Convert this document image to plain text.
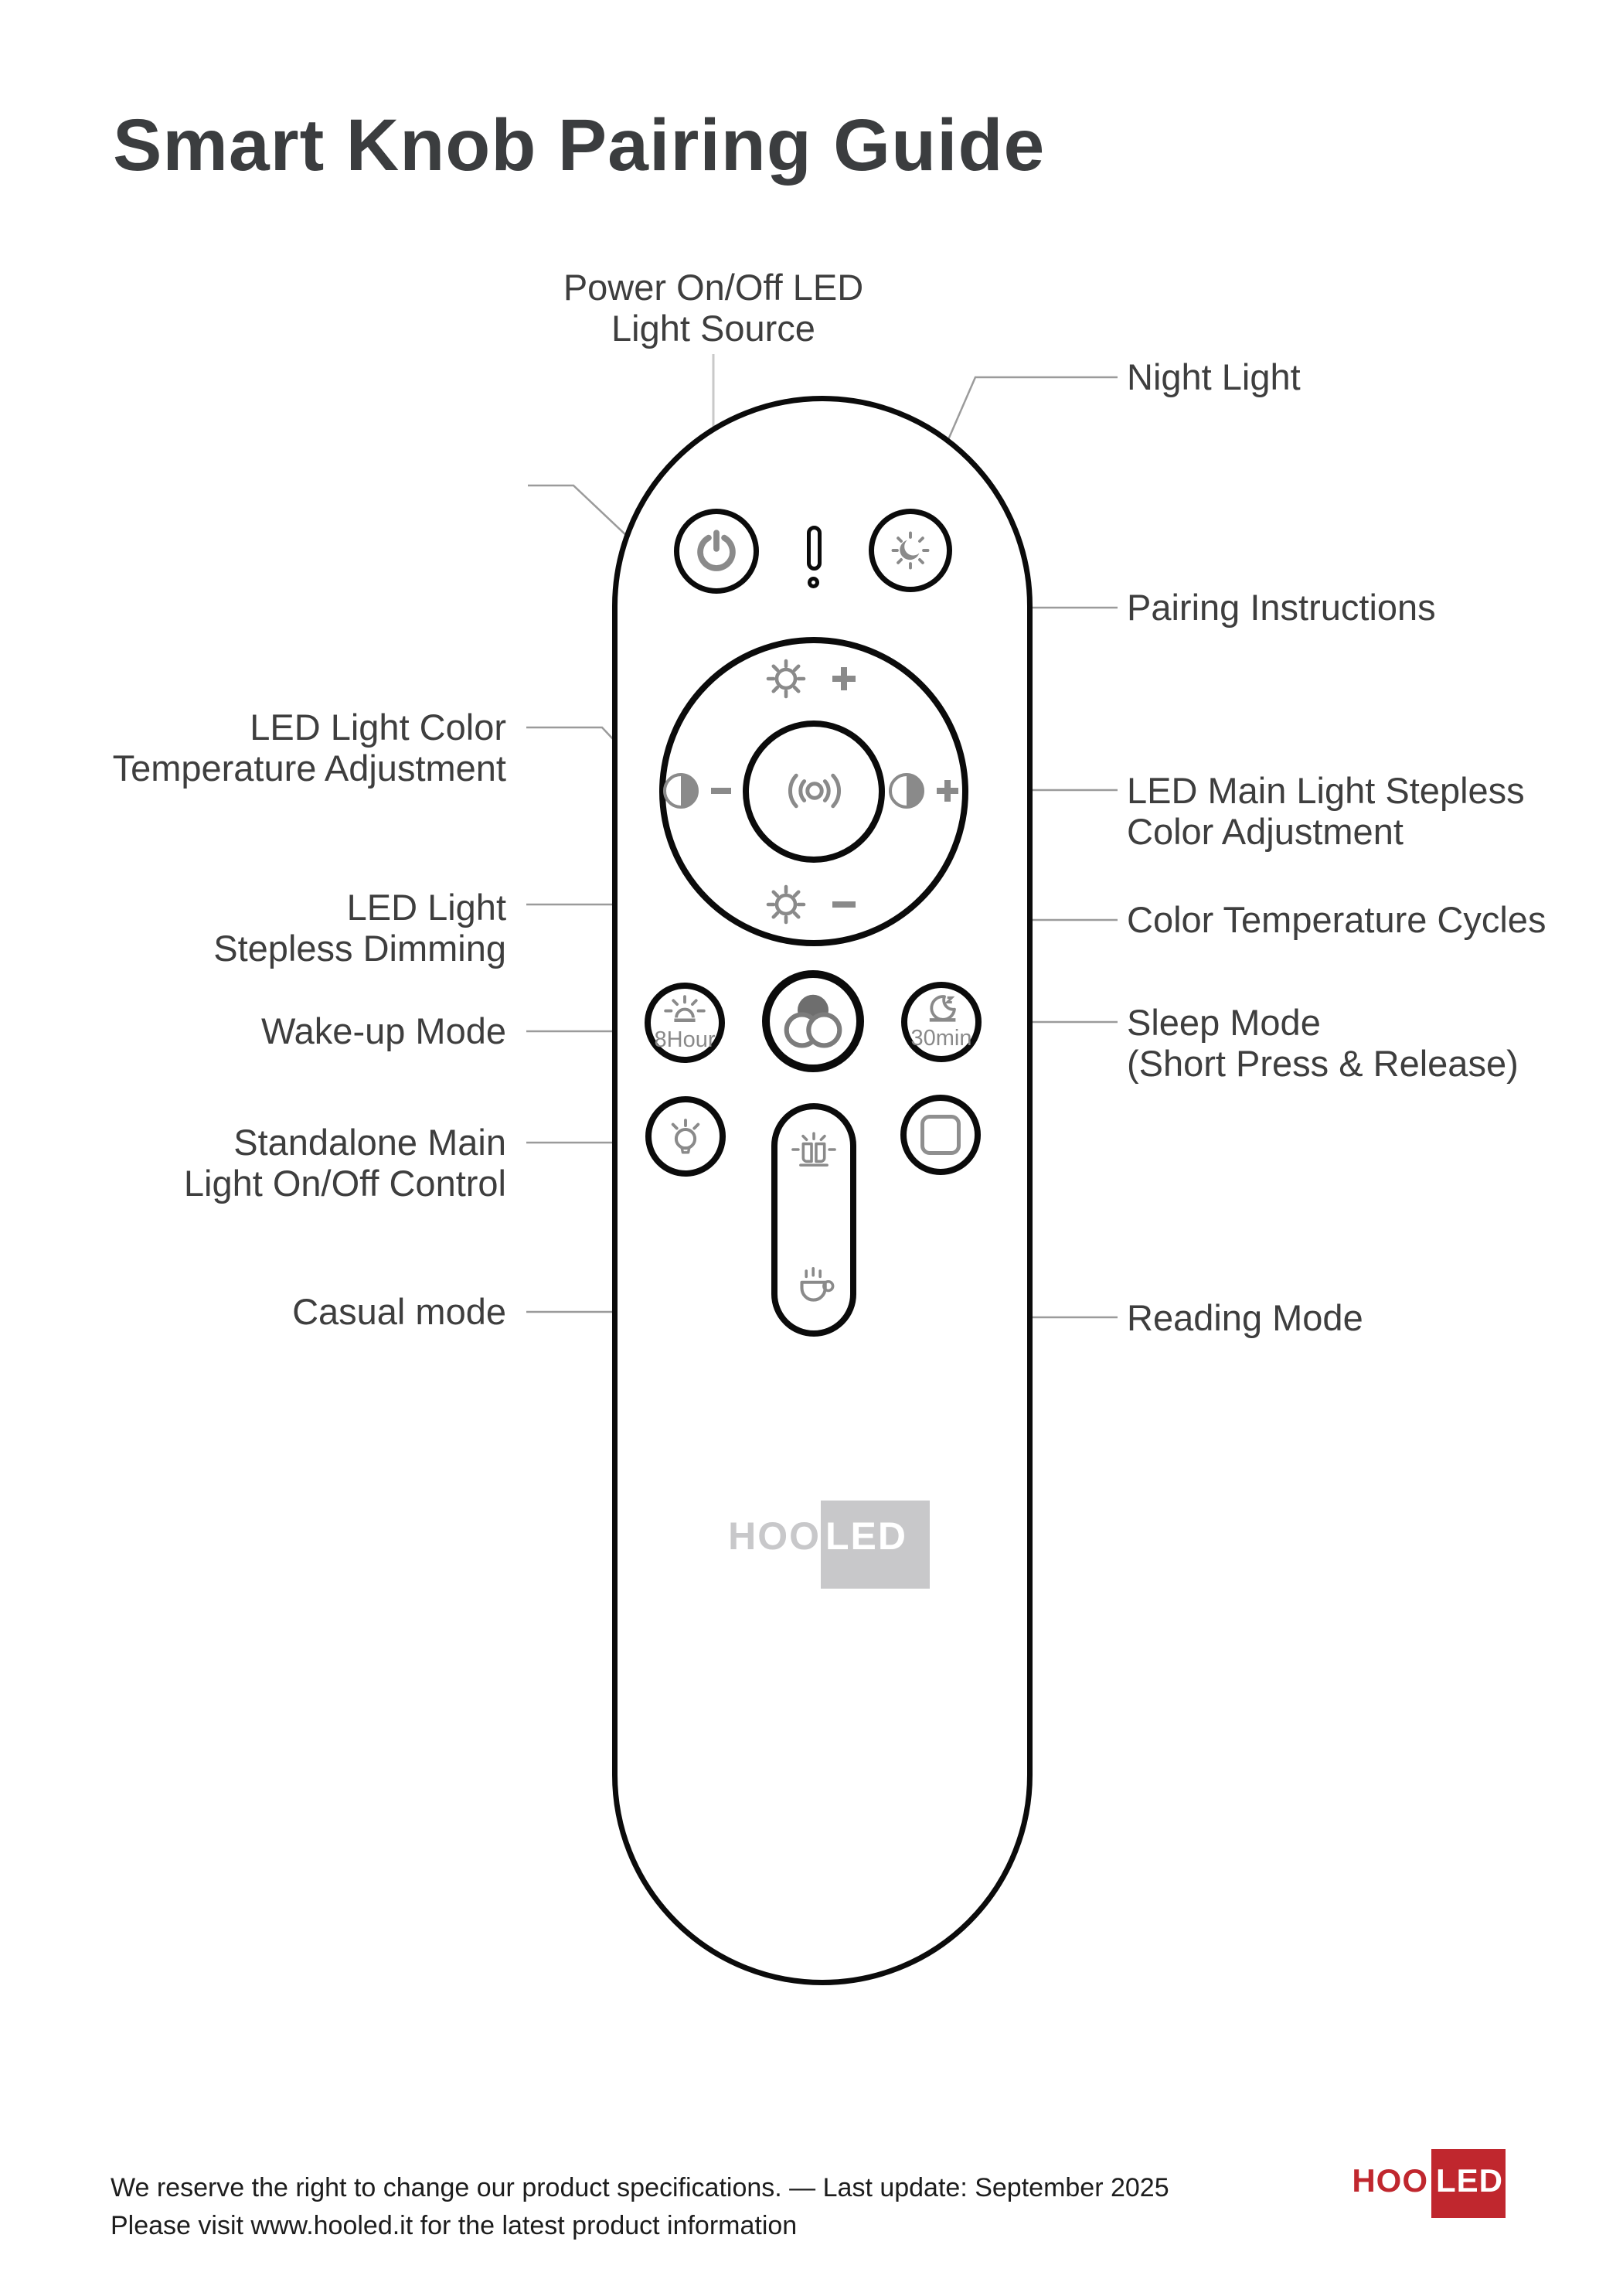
Smart Knob Pairing Guide
Power On/Off LED
Light Source
Night Light
Pairing Instructions
LED Light Color
Temperature Adjustment
LED Main Light Stepless
Color Adjustment
LED Light
Stepless Dimming
Color Temperature Cycles
Wake-up Mode	Sleep Mode
(Short Press & Release)
Standalone Main
Light On/Off Control
Casual mode	Reading Mode
8Hour	30min
HOO LED
We reserve the right to change our product specifications. — Last update: September 2025
Please visit www.hooled.it for the latest product information
HOO LED
